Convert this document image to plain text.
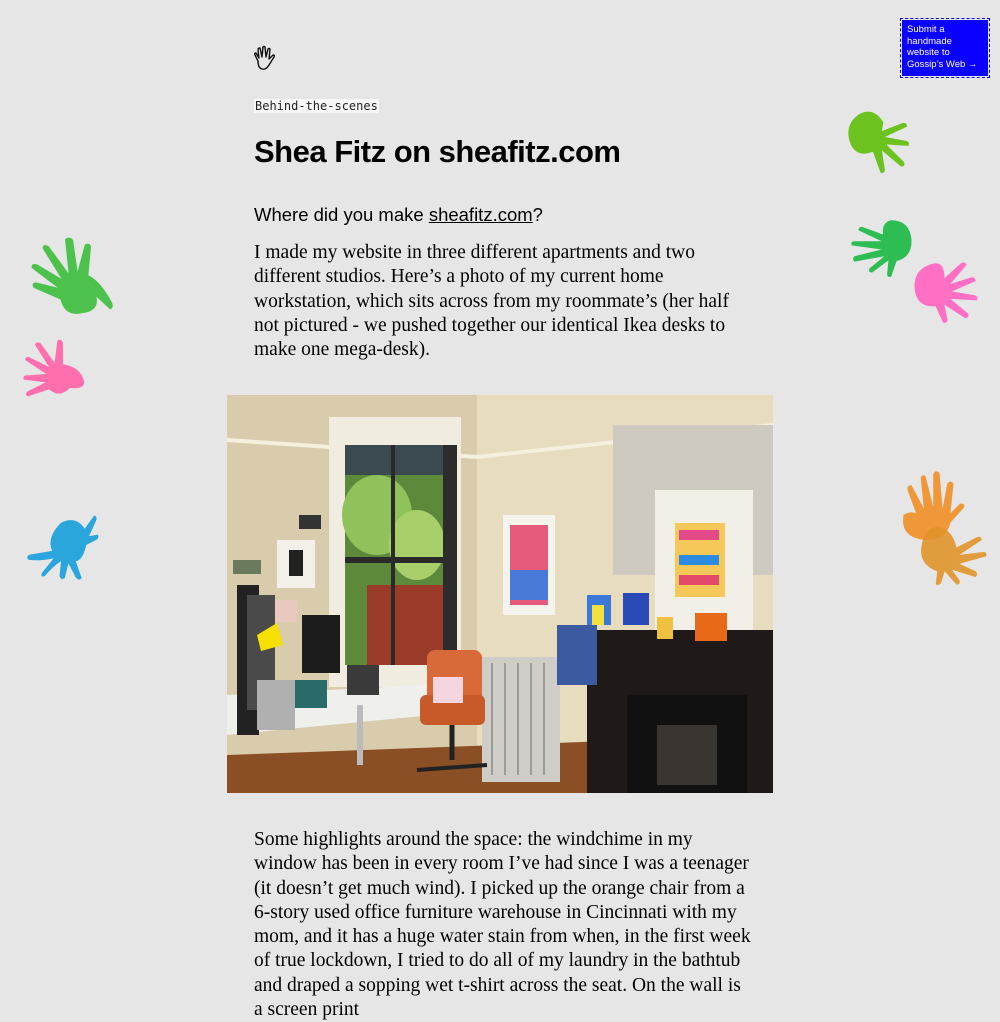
Submit a handmade website to Gossip’s Web →
Behind-the-scenes
Shea Fitz on sheafitz.com
Where did you make sheafitz.com?

I made my website in three different apartments and two different studios. Here’s a photo of my current home workstation, which sits across from my roommate’s (her half not pictured - we pushed together our identical Ikea desks to make one mega-desk).

Some highlights around the space: the windchime in my window has been in every room I’ve had since I was a teenager (it doesn’t get much wind). I picked up the orange chair from a 6-story used office furniture warehouse in Cincinnati with my mom, and it has a huge water stain from when, in the first week of true lockdown, I tried to do all of my laundry in the bathtub and draped a sopping wet t-shirt across the seat. On the wall is a screen print
